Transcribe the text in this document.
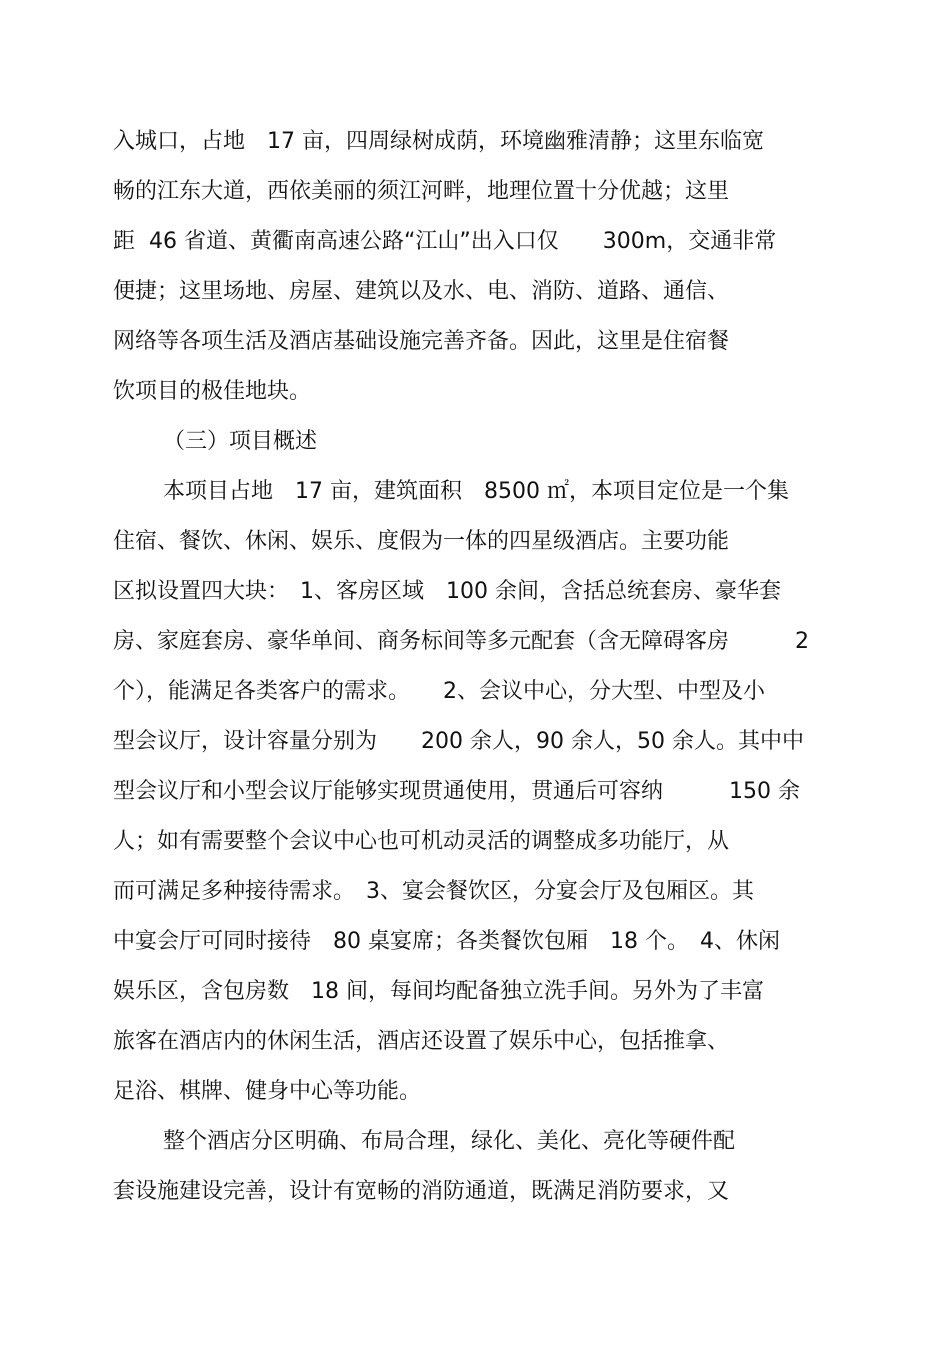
入城口，占地　17 亩，四周绿树成荫，环境幽雅清静；这里东临宽
畅的江东大道，西依美丽的须江河畔，地理位置十分优越；这里
距  46 省道、黄衢南高速公路“江山”出入口仅　　300m，交通非常
便捷；这里场地、房屋、建筑以及水、电、消防、道路、通信、
网络等各项生活及酒店基础设施完善齐备。因此，这里是住宿餐
饮项目的极佳地块。
（三）项目概述
本项目占地　17 亩，建筑面积　8500 ㎡，本项目定位是一个集
住宿、餐饮、休闲、娱乐、度假为一体的四星级酒店。主要功能
区拟设置四大块：　1、客房区域　100 余间，含括总统套房、豪华套
房、家庭套房、豪华单间、商务标间等多元配套（含无障碍客房　　　2
个），能满足各类客户的需求。　　2、会议中心，分大型、中型及小
型会议厅，设计容量分别为　　200 余人，90 余人，50 余人。其中中
型会议厅和小型会议厅能够实现贯通使用，贯通后可容纳　　　150 余
人；如有需要整个会议中心也可机动灵活的调整成多功能厅，从
而可满足多种接待需求。　3、宴会餐饮区，分宴会厅及包厢区。其
中宴会厅可同时接待　80 桌宴席；各类餐饮包厢　18 个。　4、休闲
娱乐区，含包房数　18 间，每间均配备独立洗手间。另外为了丰富
旅客在酒店内的休闲生活，酒店还设置了娱乐中心，包括推拿、
足浴、棋牌、健身中心等功能。
整个酒店分区明确、布局合理，绿化、美化、亮化等硬件配
套设施建设完善，设计有宽畅的消防通道，既满足消防要求，又
